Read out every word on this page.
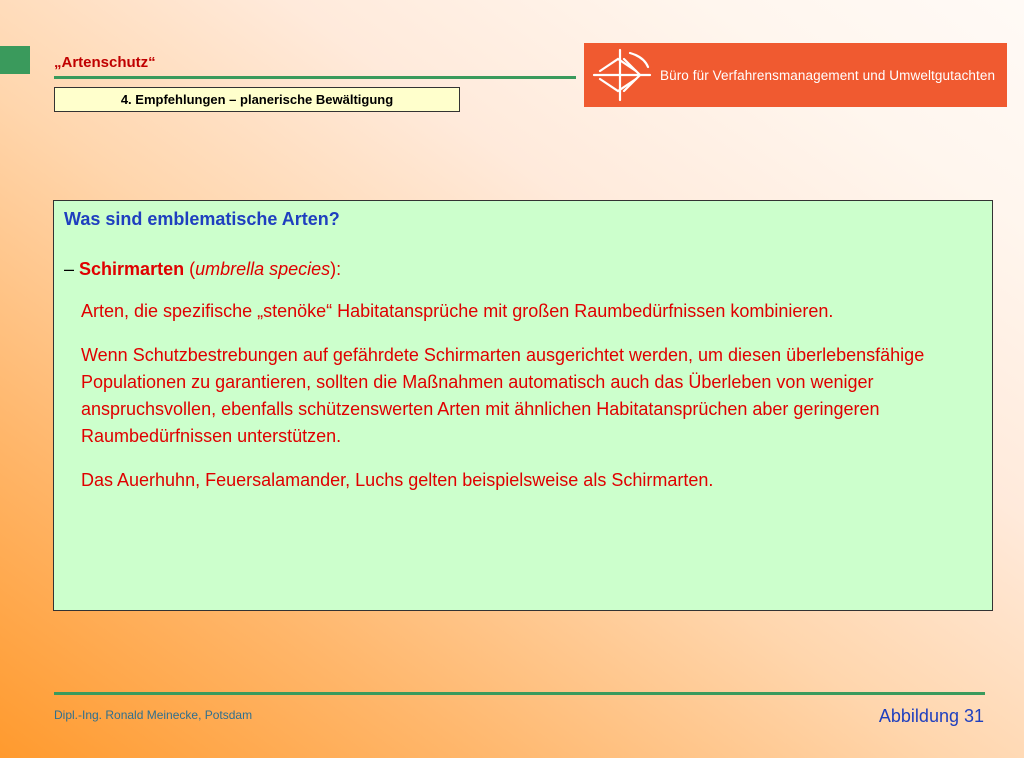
„Artenschutz“
4. Empfehlungen – planerische Bewältigung
Büro für Verfahrensmanagement und Umweltgutachten
Was sind emblematische Arten?
– Schirmarten (umbrella species):
Arten, die spezifische „stenöke“ Habitatansprüche mit großen Raumbedürfnissen kombinieren.
Wenn Schutzbestrebungen auf gefährdete Schirmarten ausgerichtet werden, um diesen überlebensfähige Populationen zu garantieren, sollten die Maßnahmen automatisch auch das Überleben von weniger anspruchsvollen, ebenfalls schützenswerten Arten mit ähnlichen Habitatansprüchen aber geringeren Raumbedürfnissen unterstützen.
Das Auerhuhn, Feuersalamander, Luchs gelten beispielsweise als Schirmarten.
Dipl.-Ing. Ronald Meinecke, Potsdam	Abbildung 31
